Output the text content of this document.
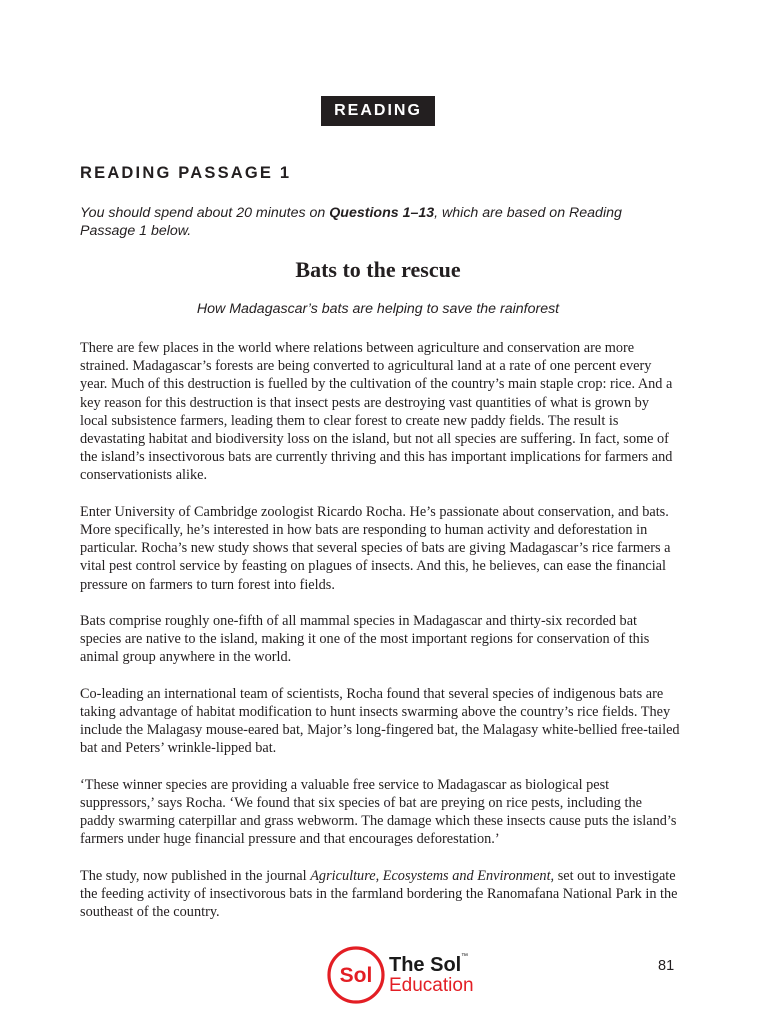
READING
READING PASSAGE 1
You should spend about 20 minutes on Questions 1–13, which are based on Reading Passage 1 below.
Bats to the rescue
How Madagascar’s bats are helping to save the rainforest

There are few places in the world where relations between agriculture and conservation are more strained. Madagascar’s forests are being converted to agricultural land at a rate of one percent every year. Much of this destruction is fuelled by the cultivation of the country’s main staple crop: rice. And a key reason for this destruction is that insect pests are destroying vast quantities of what is grown by local subsistence farmers, leading them to clear forest to create new paddy fields. The result is devastating habitat and biodiversity loss on the island, but not all species are suffering. In fact, some of the island’s insectivorous bats are currently thriving and this has important implications for farmers and conservationists alike.

Enter University of Cambridge zoologist Ricardo Rocha. He’s passionate about conservation, and bats. More specifically, he’s interested in how bats are responding to human activity and deforestation in particular. Rocha’s new study shows that several species of bats are giving Madagascar’s rice farmers a vital pest control service by feasting on plagues of insects. And this, he believes, can ease the financial pressure on farmers to turn forest into fields.

Bats comprise roughly one-fifth of all mammal species in Madagascar and thirty-six recorded bat species are native to the island, making it one of the most important regions for conservation of this animal group anywhere in the world.

Co-leading an international team of scientists, Rocha found that several species of indigenous bats are taking advantage of habitat modification to hunt insects swarming above the country’s rice fields. They include the Malagasy mouse-eared bat, Major’s long-fingered bat, the Malagasy white-bellied free-tailed bat and Peters’ wrinkle-lipped bat.

‘These winner species are providing a valuable free service to Madagascar as biological pest suppressors,’ says Rocha. ‘We found that six species of bat are preying on rice pests, including the paddy swarming caterpillar and grass webworm. The damage which these insects cause puts the island’s farmers under huge financial pressure and that encourages deforestation.’

The study, now published in the journal Agriculture, Ecosystems and Environment, set out to investigate the feeding activity of insectivorous bats in the farmland bordering the Ranomafana National Park in the southeast of the country.

Sol The Sol ™
Education
81
